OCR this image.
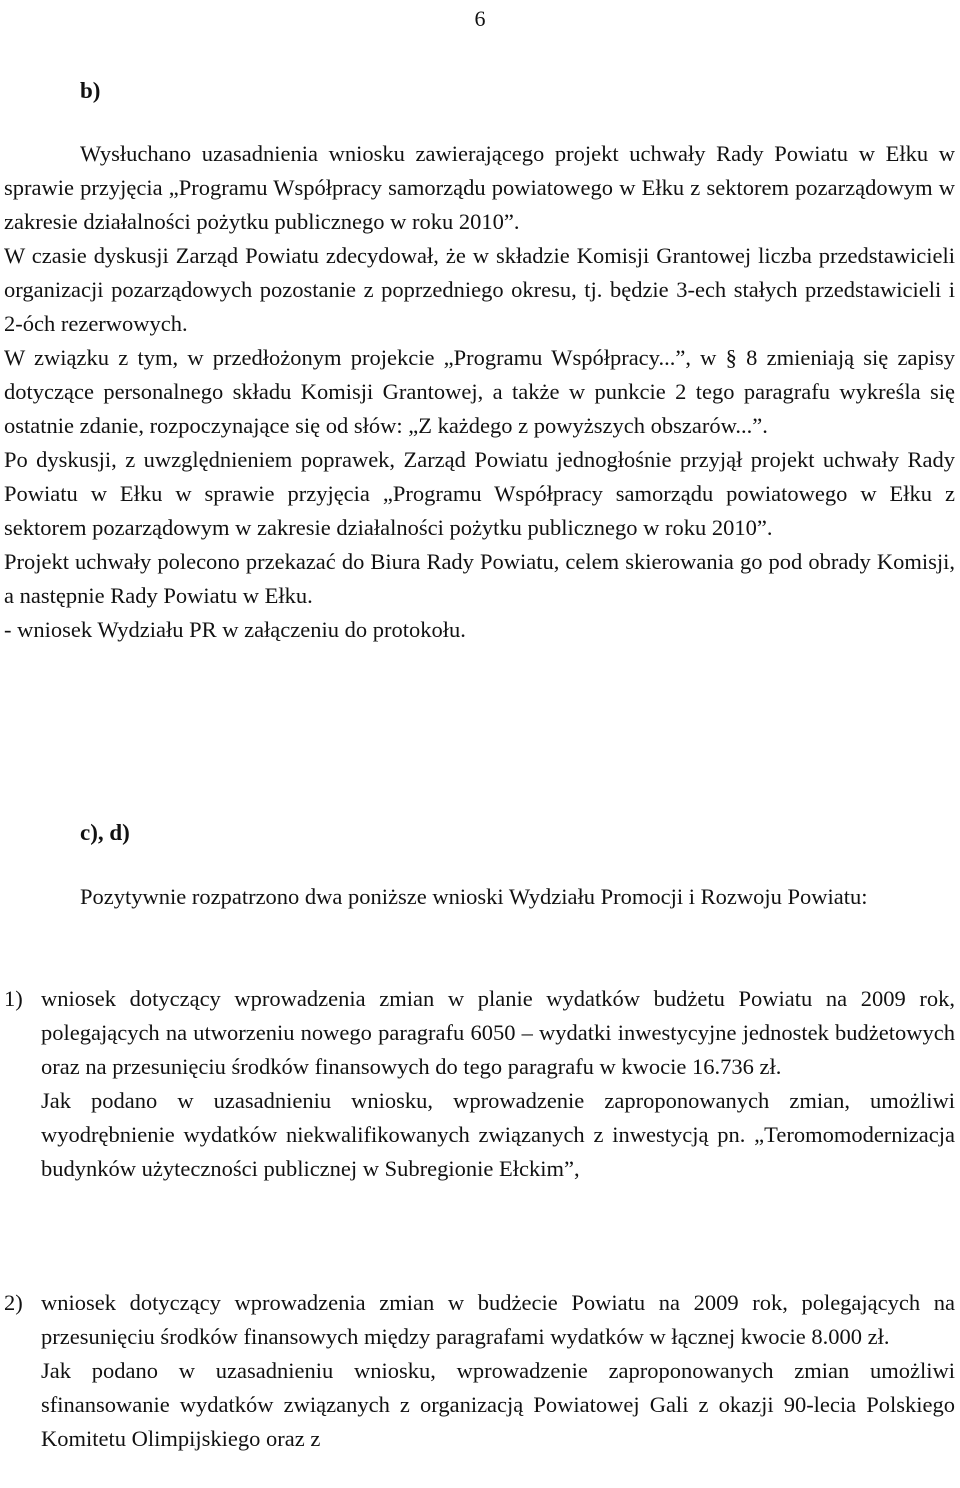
6
b)

Wysłuchano uzasadnienia wniosku zawierającego projekt uchwały Rady Powiatu w Ełku w sprawie przyjęcia „Programu Współpracy samorządu powiatowego w Ełku z sektorem pozarządowym w zakresie działalności pożytku publicznego w roku 2010”.

W czasie dyskusji Zarząd Powiatu zdecydował, że w składzie Komisji Grantowej liczba przedstawicieli organizacji pozarządowych pozostanie z poprzedniego okresu, tj. będzie 3-ech stałych przedstawicieli i 2-óch rezerwowych.

W związku z tym, w przedłożonym projekcie „Programu Współpracy...”, w § 8 zmieniają się zapisy dotyczące personalnego składu Komisji Grantowej, a także w punkcie 2 tego paragrafu wykreśla się ostatnie zdanie, rozpoczynające się od słów: „Z każdego z powyższych obszarów...”.

Po dyskusji, z uwzględnieniem poprawek, Zarząd Powiatu jednogłośnie przyjął projekt uchwały Rady Powiatu w Ełku w sprawie przyjęcia „Programu Współpracy samorządu powiatowego w Ełku z sektorem pozarządowym w zakresie działalności pożytku publicznego w roku 2010”.

Projekt uchwały polecono przekazać do Biura Rady Powiatu, celem skierowania go pod obrady Komisji, a następnie Rady Powiatu w Ełku.

- wniosek Wydziału PR w załączeniu do protokołu.

c), d)

Pozytywnie rozpatrzono dwa poniższe wnioski Wydziału Promocji i Rozwoju Powiatu:

1) wniosek dotyczący wprowadzenia zmian w planie wydatków budżetu Powiatu na 2009 rok, polegających na utworzeniu nowego paragrafu 6050 – wydatki inwestycyjne jednostek budżetowych oraz na przesunięciu środków finansowych do tego paragrafu w kwocie 16.736 zł.

Jak podano w uzasadnieniu wniosku, wprowadzenie zaproponowanych zmian, umożliwi wyodrębnienie wydatków niekwalifikowanych związanych z inwestycją pn. „Teromomodernizacja budynków użyteczności publicznej w Subregionie Ełckim”,

2) wniosek dotyczący wprowadzenia zmian w budżecie Powiatu na 2009 rok, polegających na przesunięciu środków finansowych między paragrafami wydatków w łącznej kwocie 8.000 zł.

Jak podano w uzasadnieniu wniosku, wprowadzenie zaproponowanych zmian umożliwi sfinansowanie wydatków związanych z organizacją Powiatowej Gali z okazji 90-lecia Polskiego Komitetu Olimpijskiego oraz z
